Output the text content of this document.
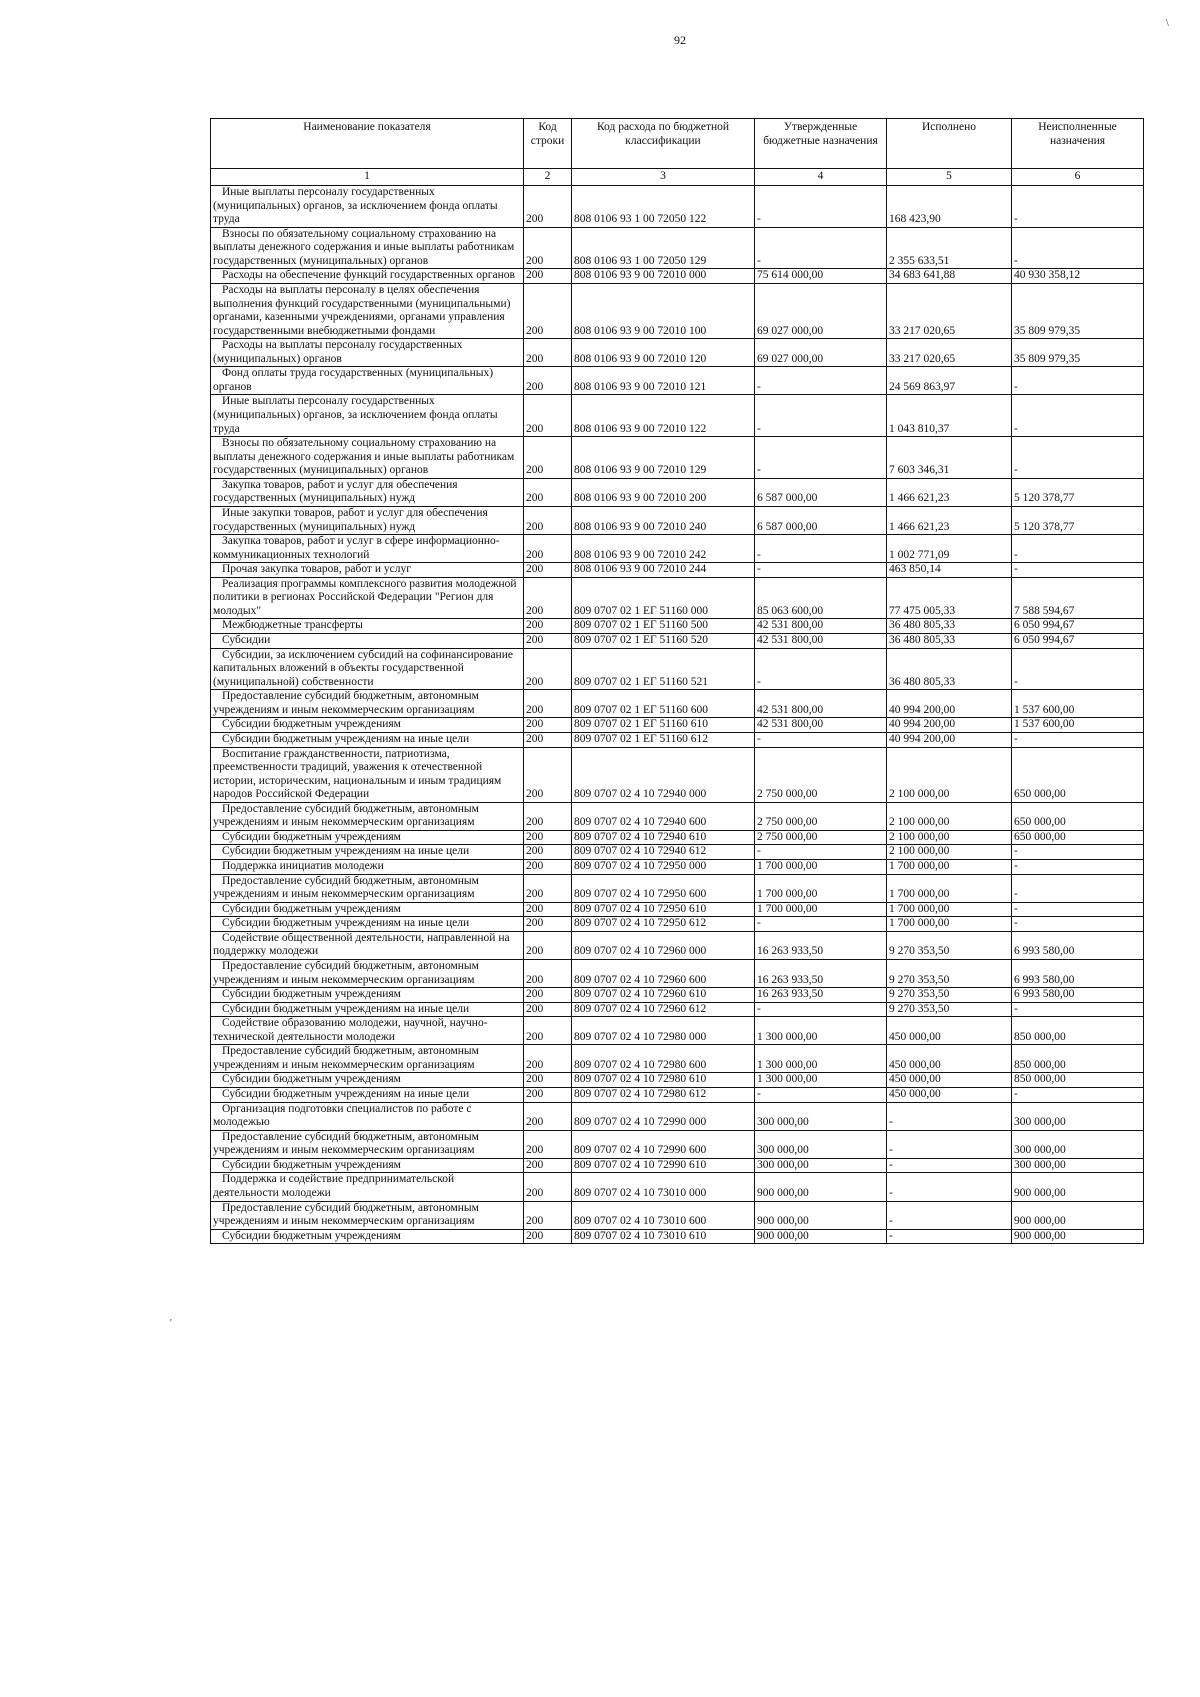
92
\
'
Наименование показателя	Код строки	Код расхода по бюджетной классификации	Утвержденные бюджетные назначения	Исполнено	Неисполненные назначения
1	2	3	4	5	6

Иные выплаты персоналу государственных (муниципальных) органов, за исключением фонда оплаты труда	200	808 0106 93 1 00 72050 122	-	168 423,90	-

Взносы по обязательному социальному страхованию на выплаты денежного содержания и иные выплаты работникам государственных (муниципальных) органов	200	808 0106 93 1 00 72050 129	-	2 355 633,51	-

Расходы на обеспечение функций государственных органов	200	808 0106 93 9 00 72010 000	75 614 000,00	34 683 641,88	40 930 358,12

Расходы на выплаты персоналу в целях обеспечения выполнения функций государственными (муниципальными) органами, казенными учреждениями, органами управления государственными внебюджетными фондами	200	808 0106 93 9 00 72010 100	69 027 000,00	33 217 020,65	35 809 979,35

Расходы на выплаты персоналу государственных (муниципальных) органов	200	808 0106 93 9 00 72010 120	69 027 000,00	33 217 020,65	35 809 979,35

Фонд оплаты труда государственных (муниципальных) органов	200	808 0106 93 9 00 72010 121	-	24 569 863,97	-

Иные выплаты персоналу государственных (муниципальных) органов, за исключением фонда оплаты труда	200	808 0106 93 9 00 72010 122	-	1 043 810,37	-

Взносы по обязательному социальному страхованию на выплаты денежного содержания и иные выплаты работникам государственных (муниципальных) органов	200	808 0106 93 9 00 72010 129	-	7 603 346,31	-

Закупка товаров, работ и услуг для обеспечения государственных (муниципальных) нужд	200	808 0106 93 9 00 72010 200	6 587 000,00	1 466 621,23	5 120 378,77

Иные закупки товаров, работ и услуг для обеспечения государственных (муниципальных) нужд	200	808 0106 93 9 00 72010 240	6 587 000,00	1 466 621,23	5 120 378,77

Закупка товаров, работ и услуг в сфере информационно-коммуникационных технологий	200	808 0106 93 9 00 72010 242	-	1 002 771,09	-

Прочая закупка товаров, работ и услуг	200	808 0106 93 9 00 72010 244	-	463 850,14	-

Реализация программы комплексного развития молодежной политики в регионах Российской Федерации "Регион для молодых"	200	809 0707 02 1 ЕГ 51160 000	85 063 600,00	77 475 005,33	7 588 594,67

Межбюджетные трансферты	200	809 0707 02 1 ЕГ 51160 500	42 531 800,00	36 480 805,33	6 050 994,67

Субсидии	200	809 0707 02 1 ЕГ 51160 520	42 531 800,00	36 480 805,33	6 050 994,67

Субсидии, за исключением субсидий на софинансирование капитальных вложений в объекты государственной (муниципальной) собственности	200	809 0707 02 1 ЕГ 51160 521	-	36 480 805,33	-

Предоставление субсидий бюджетным, автономным учреждениям и иным некоммерческим организациям	200	809 0707 02 1 ЕГ 51160 600	42 531 800,00	40 994 200,00	1 537 600,00

Субсидии бюджетным учреждениям	200	809 0707 02 1 ЕГ 51160 610	42 531 800,00	40 994 200,00	1 537 600,00

Субсидии бюджетным учреждениям на иные цели	200	809 0707 02 1 ЕГ 51160 612	-	40 994 200,00	-

Воспитание гражданственности, патриотизма, преемственности традиций, уважения к отечественной истории, историческим, национальным и иным традициям народов Российской Федерации	200	809 0707 02 4 10 72940 000	2 750 000,00	2 100 000,00	650 000,00

Предоставление субсидий бюджетным, автономным учреждениям и иным некоммерческим организациям	200	809 0707 02 4 10 72940 600	2 750 000,00	2 100 000,00	650 000,00

Субсидии бюджетным учреждениям	200	809 0707 02 4 10 72940 610	2 750 000,00	2 100 000,00	650 000,00

Субсидии бюджетным учреждениям на иные цели	200	809 0707 02 4 10 72940 612	-	2 100 000,00	-

Поддержка инициатив молодежи	200	809 0707 02 4 10 72950 000	1 700 000,00	1 700 000,00	-

Предоставление субсидий бюджетным, автономным учреждениям и иным некоммерческим организациям	200	809 0707 02 4 10 72950 600	1 700 000,00	1 700 000,00	-

Субсидии бюджетным учреждениям	200	809 0707 02 4 10 72950 610	1 700 000,00	1 700 000,00	-

Субсидии бюджетным учреждениям на иные цели	200	809 0707 02 4 10 72950 612	-	1 700 000,00	-

Содействие общественной деятельности, направленной на поддержку молодежи	200	809 0707 02 4 10 72960 000	16 263 933,50	9 270 353,50	6 993 580,00

Предоставление субсидий бюджетным, автономным учреждениям и иным некоммерческим организациям	200	809 0707 02 4 10 72960 600	16 263 933,50	9 270 353,50	6 993 580,00

Субсидии бюджетным учреждениям	200	809 0707 02 4 10 72960 610	16 263 933,50	9 270 353,50	6 993 580,00

Субсидии бюджетным учреждениям на иные цели	200	809 0707 02 4 10 72960 612	-	9 270 353,50	-

Содействие образованию молодежи, научной, научно-технической деятельности молодежи	200	809 0707 02 4 10 72980 000	1 300 000,00	450 000,00	850 000,00

Предоставление субсидий бюджетным, автономным учреждениям и иным некоммерческим организациям	200	809 0707 02 4 10 72980 600	1 300 000,00	450 000,00	850 000,00

Субсидии бюджетным учреждениям	200	809 0707 02 4 10 72980 610	1 300 000,00	450 000,00	850 000,00

Субсидии бюджетным учреждениям на иные цели	200	809 0707 02 4 10 72980 612	-	450 000,00	-

Организация подготовки специалистов по работе с молодежью	200	809 0707 02 4 10 72990 000	300 000,00	-	300 000,00

Предоставление субсидий бюджетным, автономным учреждениям и иным некоммерческим организациям	200	809 0707 02 4 10 72990 600	300 000,00	-	300 000,00

Субсидии бюджетным учреждениям	200	809 0707 02 4 10 72990 610	300 000,00	-	300 000,00

Поддержка и содействие предпринимательской деятельности молодежи	200	809 0707 02 4 10 73010 000	900 000,00	-	900 000,00

Предоставление субсидий бюджетным, автономным учреждениям и иным некоммерческим организациям	200	809 0707 02 4 10 73010 600	900 000,00	-	900 000,00

Субсидии бюджетным учреждениям	200	809 0707 02 4 10 73010 610	900 000,00	-	900 000,00
